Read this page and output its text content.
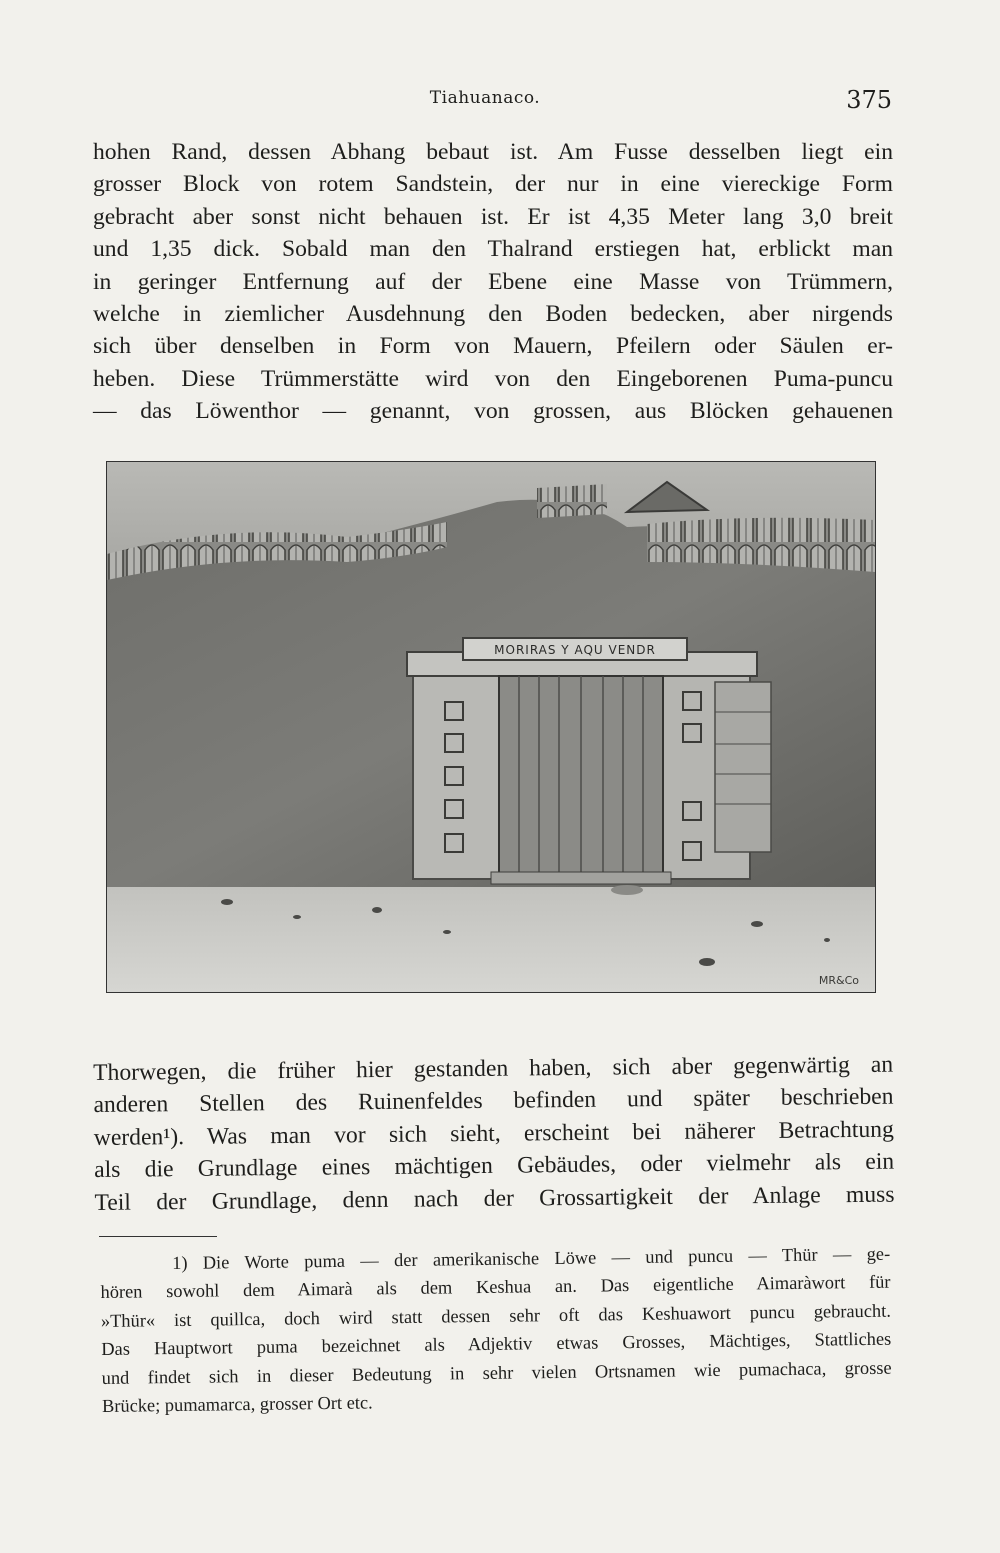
Tiahuanaco.	375

hohen Rand, dessen Abhang bebaut ist. Am Fusse desselben liegt ein
grosser Block von rotem Sandstein, der nur in eine viereckige Form
gebracht aber sonst nicht behauen ist. Er ist 4,35 Meter lang 3,0 breit
und 1,35 dick. Sobald man den Thalrand erstiegen hat, erblickt man
in geringer Entfernung auf der Ebene eine Masse von Trümmern,
welche in ziemlicher Ausdehnung den Boden bedecken, aber nirgends
sich über denselben in Form von Mauern, Pfeilern oder Säulen er-
heben. Diese Trümmerstätte wird von den Eingeborenen Puma-puncu
— das Löwenthor — genannt, von grossen, aus Blöcken gehauenen

MORIRAS Y AQU VENDR
MR&Co

Thorwegen, die früher hier gestanden haben, sich aber gegenwärtig an
anderen Stellen des Ruinenfeldes befinden und später beschrieben
werden¹). Was man vor sich sieht, erscheint bei näherer Betrachtung
als die Grundlage eines mächtigen Gebäudes, oder vielmehr als ein
Teil der Grundlage, denn nach der Grossartigkeit der Anlage muss

1) Die Worte puma — der amerikanische Löwe — und puncu — Thür — ge-
hören sowohl dem Aimarà als dem Keshua an. Das eigentliche Aimaràwort für
»Thür« ist quillca, doch wird statt dessen sehr oft das Keshuawort puncu gebraucht.
Das Hauptwort puma bezeichnet als Adjektiv etwas Grosses, Mächtiges, Stattliches
und findet sich in dieser Bedeutung in sehr vielen Ortsnamen wie pumachaca, grosse
Brücke; pumamarca, grosser Ort etc.
